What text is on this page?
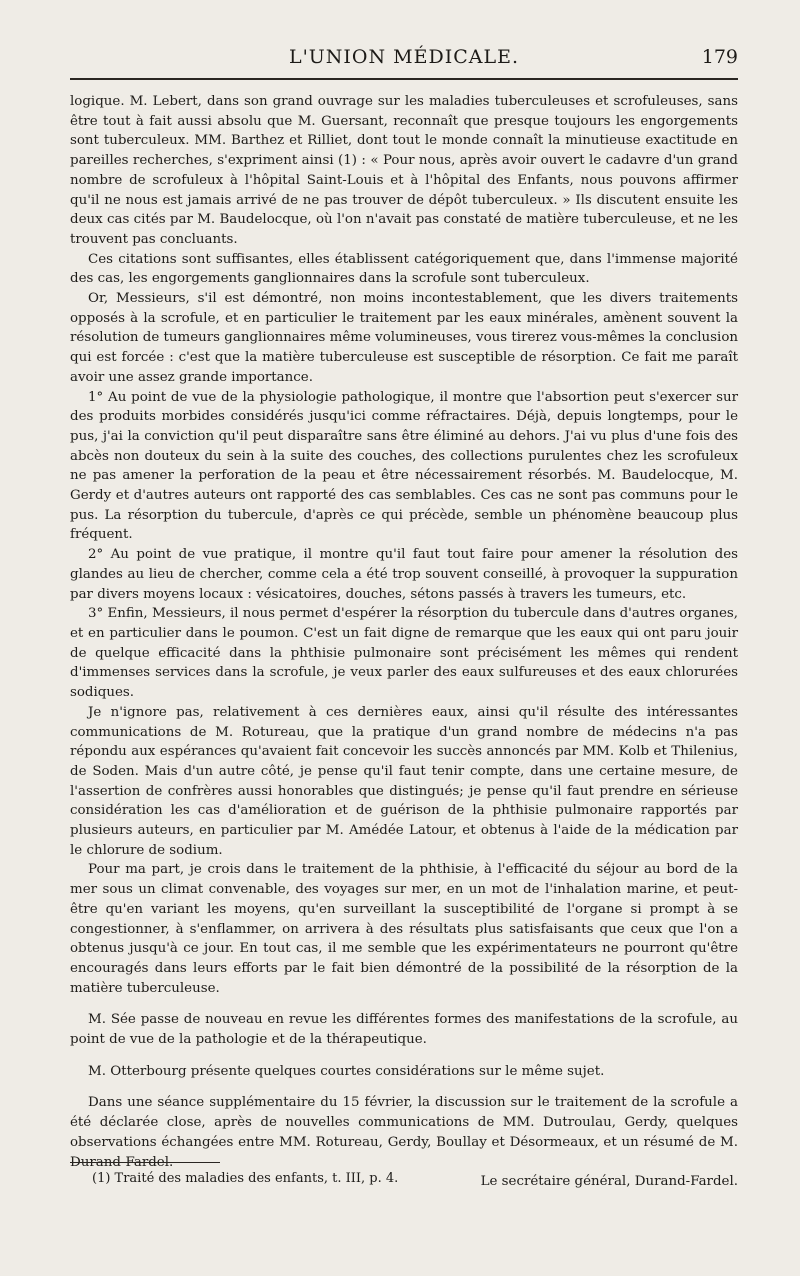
L'UNION MÉDICALE.	179

logique. M. Lebert, dans son grand ouvrage sur les maladies tuberculeuses et scrofuleuses, sans être tout à fait aussi absolu que M. Guersant, reconnaît que presque toujours les engorgements sont tuberculeux. MM. Barthez et Rilliet, dont tout le monde connaît la minutieuse exactitude en pareilles recherches, s'expriment ainsi (1) : « Pour nous, après avoir ouvert le cadavre d'un grand nombre de scrofuleux à l'hôpital Saint-Louis et à l'hôpital des Enfants, nous pouvons affirmer qu'il ne nous est jamais arrivé de ne pas trouver de dépôt tuberculeux. » Ils discutent ensuite les deux cas cités par M. Baudelocque, où l'on n'avait pas constaté de matière tuberculeuse, et ne les trouvent pas concluants.

Ces citations sont suffisantes, elles établissent catégoriquement que, dans l'immense majorité des cas, les engorgements ganglionnaires dans la scrofule sont tuberculeux.

Or, Messieurs, s'il est démontré, non moins incontestablement, que les divers traitements opposés à la scrofule, et en particulier le traitement par les eaux minérales, amènent souvent la résolution de tumeurs ganglionnaires même volumineuses, vous tirerez vous-mêmes la conclusion qui est forcée : c'est que la matière tuberculeuse est susceptible de résorption. Ce fait me paraît avoir une assez grande importance.

1° Au point de vue de la physiologie pathologique, il montre que l'absortion peut s'exercer sur des produits morbides considérés jusqu'ici comme réfractaires. Déjà, depuis longtemps, pour le pus, j'ai la conviction qu'il peut disparaître sans être éliminé au dehors. J'ai vu plus d'une fois des abcès non douteux du sein à la suite des couches, des collections purulentes chez les scrofuleux ne pas amener la perforation de la peau et être nécessairement résorbés. M. Baudelocque, M. Gerdy et d'autres auteurs ont rapporté des cas semblables. Ces cas ne sont pas communs pour le pus. La résorption du tubercule, d'après ce qui précède, semble un phénomène beaucoup plus fréquent.

2° Au point de vue pratique, il montre qu'il faut tout faire pour amener la résolution des glandes au lieu de chercher, comme cela a été trop souvent conseillé, à provoquer la suppuration par divers moyens locaux : vésicatoires, douches, sétons passés à travers les tumeurs, etc.

3° Enfin, Messieurs, il nous permet d'espérer la résorption du tubercule dans d'autres organes, et en particulier dans le poumon. C'est un fait digne de remarque que les eaux qui ont paru jouir de quelque efficacité dans la phthisie pulmonaire sont précisément les mêmes qui rendent d'immenses services dans la scrofule, je veux parler des eaux sulfureuses et des eaux chlorurées sodiques.

Je n'ignore pas, relativement à ces dernières eaux, ainsi qu'il résulte des intéressantes communications de M. Rotureau, que la pratique d'un grand nombre de médecins n'a pas répondu aux espérances qu'avaient fait concevoir les succès annoncés par MM. Kolb et Thilenius, de Soden. Mais d'un autre côté, je pense qu'il faut tenir compte, dans une certaine mesure, de l'assertion de confrères aussi honorables que distingués; je pense qu'il faut prendre en sérieuse considération les cas d'amélioration et de guérison de la phthisie pulmonaire rapportés par plusieurs auteurs, en particulier par M. Amédée Latour, et obtenus à l'aide de la médication par le chlorure de sodium.

Pour ma part, je crois dans le traitement de la phthisie, à l'efficacité du séjour au bord de la mer sous un climat convenable, des voyages sur mer, en un mot de l'inhalation marine, et peut-être qu'en variant les moyens, qu'en surveillant la susceptibilité de l'organe si prompt à se congestionner, à s'enflammer, on arrivera à des résultats plus satisfaisants que ceux que l'on a obtenus jusqu'à ce jour. En tout cas, il me semble que les expérimentateurs ne pourront qu'être encouragés dans leurs efforts par le fait bien démontré de la possibilité de la résorption de la matière tuberculeuse.

M. Sée passe de nouveau en revue les différentes formes des manifestations de la scrofule, au point de vue de la pathologie et de la thérapeutique.

M. Otterbourg présente quelques courtes considérations sur le même sujet.

Dans une séance supplémentaire du 15 février, la discussion sur le traitement de la scrofule a été déclarée close, après de nouvelles communications de MM. Dutroulau, Gerdy, quelques observations échangées entre MM. Rotureau, Gerdy, Boullay et Désormeaux, et un résumé de M. Durand-Fardel.

Le secrétaire général, Durand-Fardel.

(1) Traité des maladies des enfants, t. III, p. 4.
